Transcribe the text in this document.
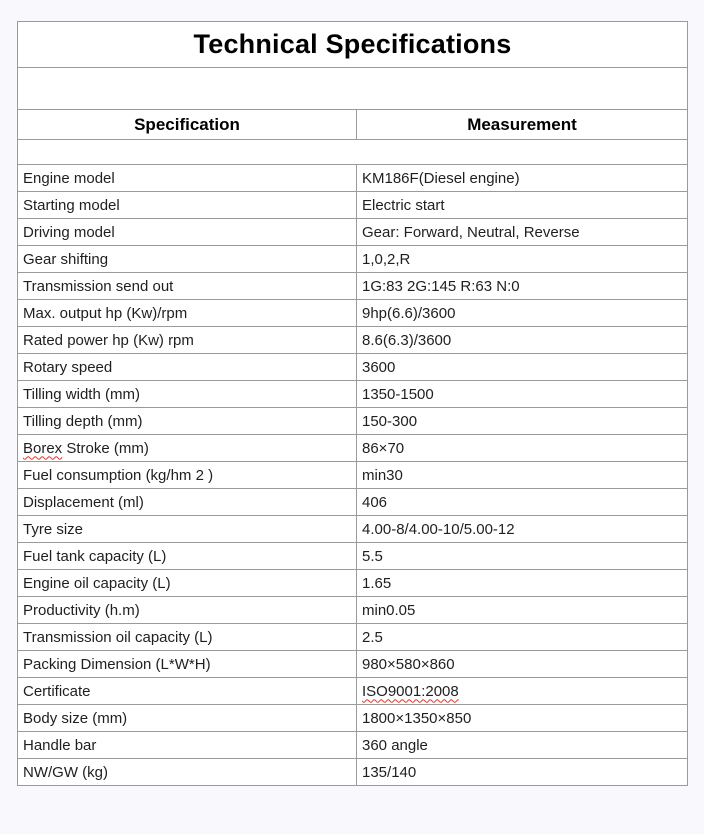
Technical Specifications	

Specification	Measurement

Engine model	KM186F(Diesel engine)
Starting model	Electric start
Driving model	Gear: Forward, Neutral, Reverse
Gear shifting	1,0,2,R
Transmission send out	1G:83 2G:145 R:63 N:0
Max. output hp (Kw)/rpm	9hp(6.6)/3600
Rated power hp (Kw) rpm	8.6(6.3)/3600
Rotary speed	3600
Tilling width (mm)	1350-1500
Tilling depth (mm)	150-300
Borex Stroke (mm)	86×70
Fuel consumption (kg/hm 2 )	min30
Displacement (ml)	406
Tyre size	4.00-8/4.00-10/5.00-12
Fuel tank capacity (L)	5.5
Engine oil capacity (L)	1.65
Productivity (h.m)	min0.05
Transmission oil capacity (L)	2.5
Packing Dimension (L*W*H)	980×580×860
Certificate	ISO9001:2008
Body size (mm)	1800×1350×850
Handle bar	360 angle
NW/GW (kg)	135/140
